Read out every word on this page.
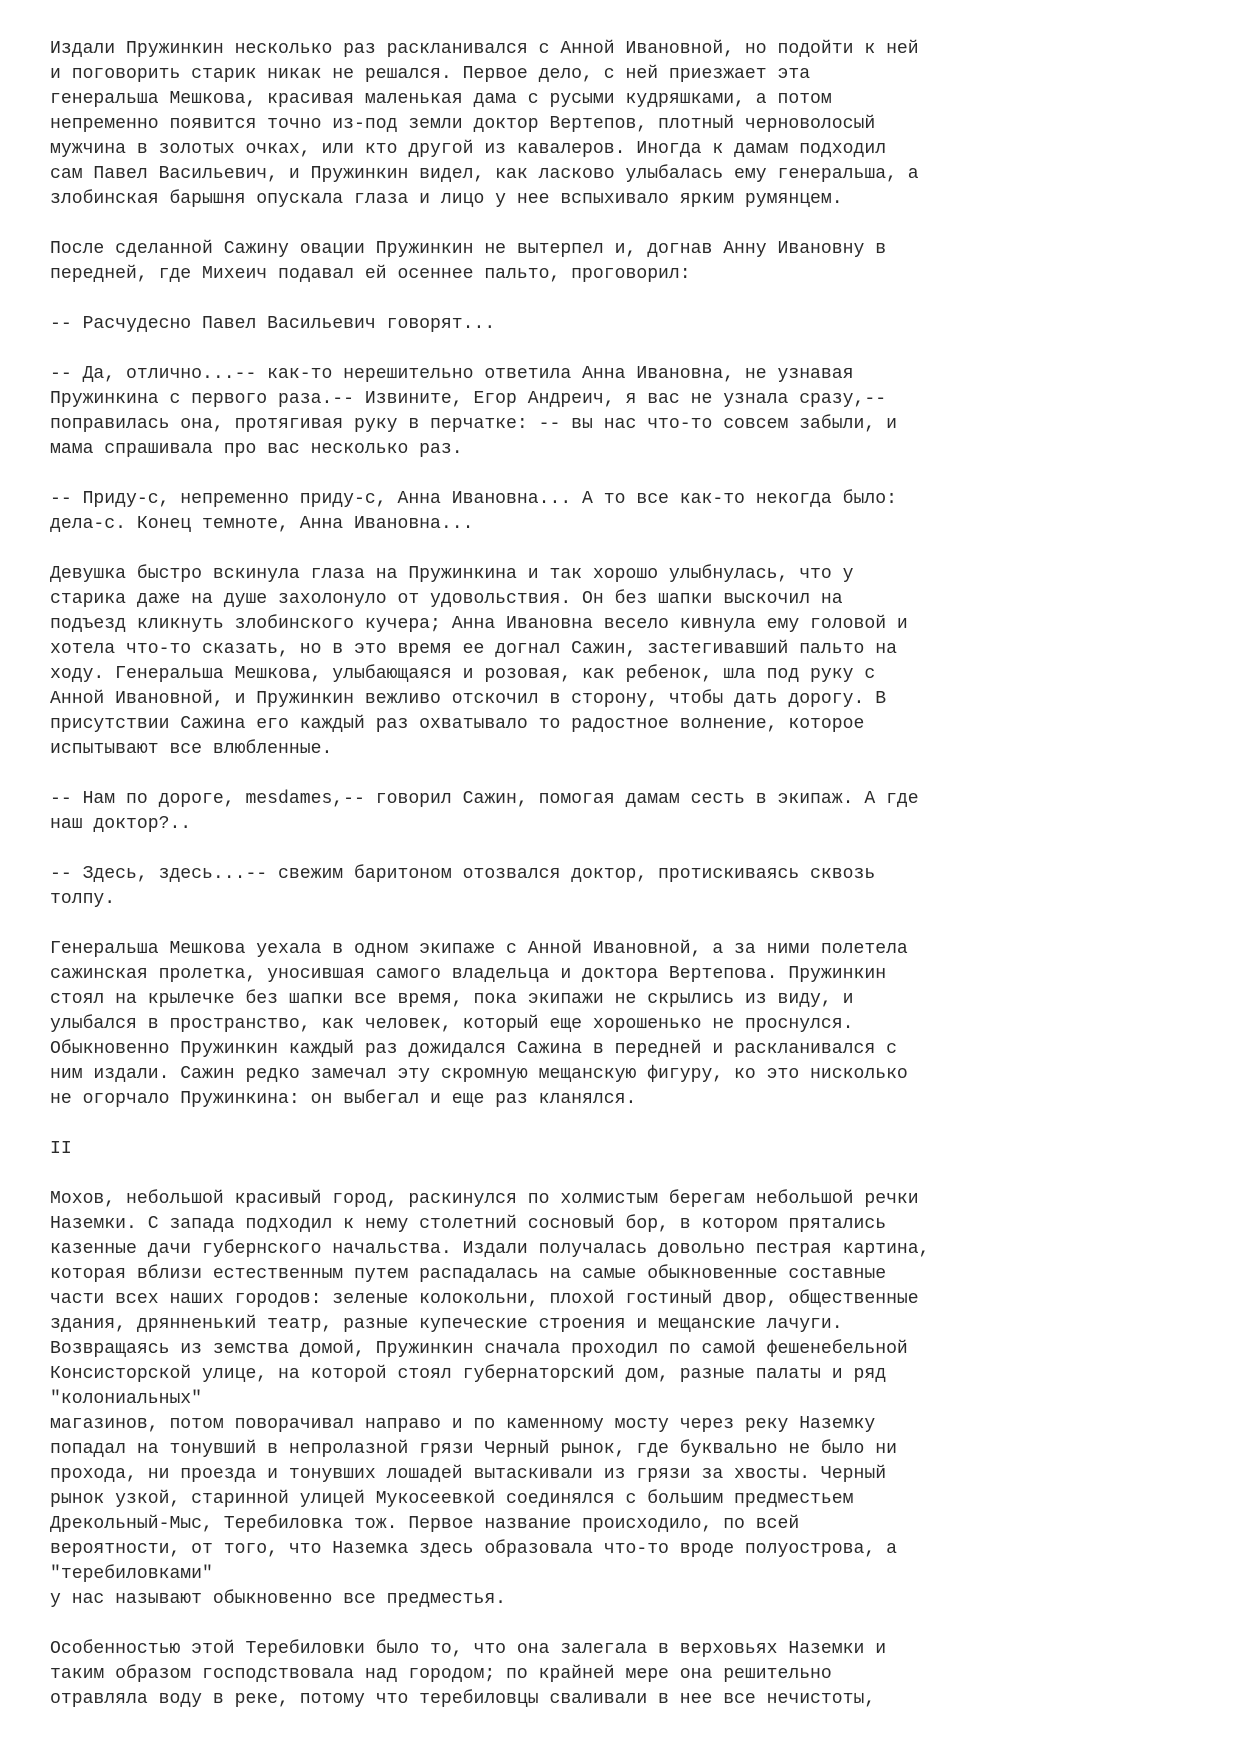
Издали Пружинкин несколько раз раскланивался с Анной Ивановной, но подойти к ней
и поговорить старик никак не решался. Первое дело, с ней приезжает эта
генеральша Мешкова, красивая маленькая дама с русыми кудряшками, а потом
непременно появится точно из-под земли доктор Вертепов, плотный черноволосый
мужчина в золотых очках, или кто другой из кавалеров. Иногда к дамам подходил
сам Павел Васильевич, и Пружинкин видел, как ласково улыбалась ему генеральша, а
злобинская барышня опускала глаза и лицо у нее вспыхивало ярким румянцем.
После сделанной Сажину овации Пружинкин не вытерпел и, догнав Анну Ивановну в
передней, где Михеич подавал ей осеннее пальто, проговорил:
-- Расчудесно Павел Васильевич говорят...
-- Да, отлично...-- как-то нерешительно ответила Анна Ивановна, не узнавая
Пружинкина с первого раза.-- Извините, Егор Андреич, я вас не узнала сразу,--
поправилась она, протягивая руку в перчатке: -- вы нас что-то совсем забыли, и
мама спрашивала про вас несколько раз.
-- Приду-с, непременно приду-с, Анна Ивановна... А то все как-то некогда было:
дела-с. Конец темноте, Анна Ивановна...
Девушка быстро вскинула глаза на Пружинкина и так хорошо улыбнулась, что у
старика даже на душе захолонуло от удовольствия. Он без шапки выскочил на
подъезд кликнуть злобинского кучера; Анна Ивановна весело кивнула ему головой и
хотела что-то сказать, но в это время ее догнал Сажин, застегивавший пальто на
ходу. Генеральша Мешкова, улыбающаяся и розовая, как ребенок, шла под руку с
Анной Ивановной, и Пружинкин вежливо отскочил в сторону, чтобы дать дорогу. В
присутствии Сажина его каждый раз охватывало то радостное волнение, которое
испытывают все влюбленные.
-- Нам по дороге, mesdames,-- говорил Сажин, помогая дамам сесть в экипаж. А где
наш доктор?..
-- Здесь, здесь...-- свежим баритоном отозвался доктор, протискиваясь сквозь
толпу.
Генеральша Мешкова уехала в одном экипаже с Анной Ивановной, а за ними полетела
сажинская пролетка, уносившая самого владельца и доктора Вертепова. Пружинкин
стоял на крылечке без шапки все время, пока экипажи не скрылись из виду, и
улыбался в пространство, как человек, который еще хорошенько не проснулся.
Обыкновенно Пружинкин каждый раз дожидался Сажина в передней и раскланивался с
ним издали. Сажин редко замечал эту скромную мещанскую фигуру, ко это нисколько
не огорчало Пружинкина: он выбегал и еще раз кланялся.
II
Мохов, небольшой красивый город, раскинулся по холмистым берегам небольшой речки
Наземки. С запада подходил к нему столетний сосновый бор, в котором прятались
казенные дачи губернского начальства. Издали получалась довольно пестрая картина,
которая вблизи естественным путем распадалась на самые обыкновенные составные
части всех наших городов: зеленые колокольни, плохой гостиный двор, общественные
здания, дрянненький театр, разные купеческие строения и мещанские лачуги.
Возвращаясь из земства домой, Пружинкин сначала проходил по самой фешенебельной
Консисторской улице, на которой стоял губернаторский дом, разные палаты и ряд
"колониальных"
магазинов, потом поворачивал направо и по каменному мосту через реку Наземку
попадал на тонувший в непролазной грязи Черный рынок, где буквально не было ни
прохода, ни проезда и тонувших лошадей вытаскивали из грязи за хвосты. Черный
рынок узкой, старинной улицей Мукосеевкой соединялся с большим предместьем
Дрекольный-Мыс, Теребиловка тож. Первое название происходило, по всей
вероятности, от того, что Наземка здесь образовала что-то вроде полуострова, а
"теребиловками"
у нас называют обыкновенно все предместья.
Особенностью этой Теребиловки было то, что она залегала в верховьях Наземки и
таким образом господствовала над городом; по крайней мере она решительно
отравляла воду в реке, потому что теребиловцы сваливали в нее все нечистоты,
